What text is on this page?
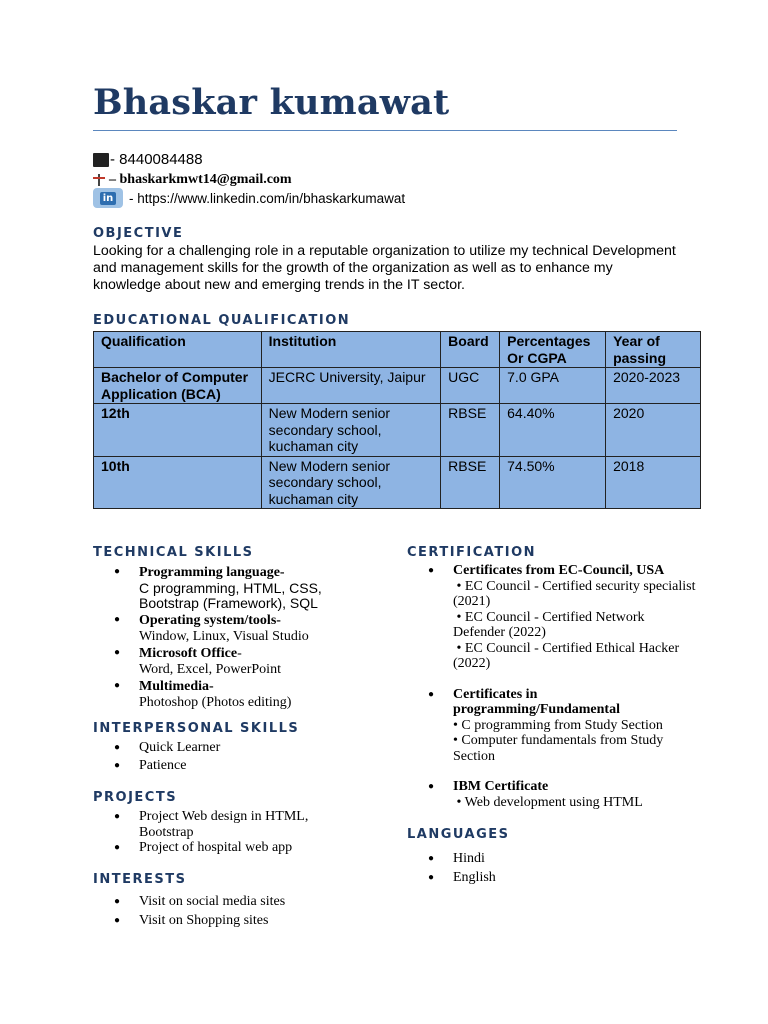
Bhaskar kumawat
- 8440084488
– bhaskarkmwt14@gmail.com
in - https://www.linkedin.com/in/bhaskarkumawat
OBJECTIVE
Looking for a challenging role in a reputable organization to utilize my technical Development and management skills for the growth of the organization as well as to enhance my knowledge about new and emerging trends in the IT sector.
EDUCATIONAL QUALIFICATION
Qualification	Institution	Board	Percentages Or CGPA	Year of passing
Bachelor of Computer Application (BCA)	JECRC University, Jaipur	UGC	7.0 GPA	2020-2023
12th	New Modern senior secondary school, kuchaman city	RBSE	64.40%	2020
10th	New Modern senior secondary school, kuchaman city	RBSE	74.50%	2018
TECHNICAL SKILLS
● Programming language-
C programming, HTML, CSS, Bootstrap (Framework), SQL
● Operating system/tools-
Window, Linux, Visual Studio
● Microsoft Office-
Word, Excel, PowerPoint
● Multimedia-
Photoshop (Photos editing)
INTERPERSONAL SKILLS
● Quick Learner
● Patience
PROJECTS
● Project Web design in HTML, Bootstrap
● Project of hospital web app
INTERESTS
● Visit on social media sites
● Visit on Shopping sites
CERTIFICATION
● Certificates from EC-Council, USA
• EC Council - Certified security specialist (2021)
• EC Council - Certified Network Defender (2022)
• EC Council - Certified Ethical Hacker (2022)
● Certificates in programming/Fundamental
• C programming from Study Section
• Computer fundamentals from Study Section
● IBM Certificate
• Web development using HTML
LANGUAGES
● Hindi
● English
